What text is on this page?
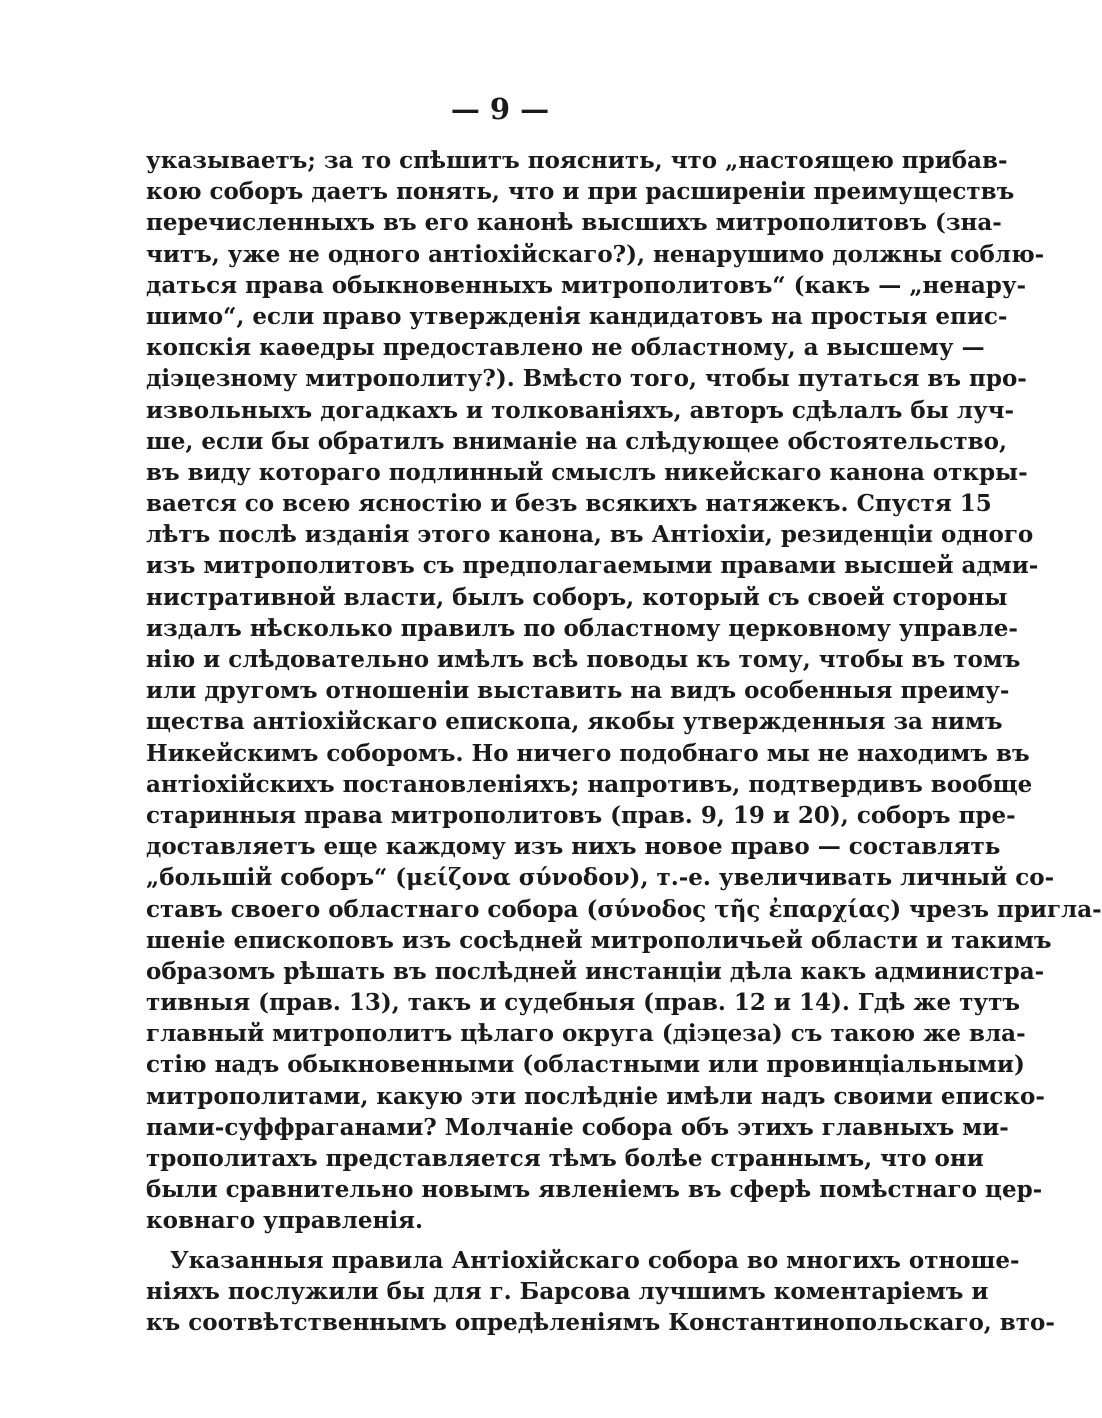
— 9 —
указываетъ; за то спѣшитъ пояснить, что „настоящею прибав-
кою соборъ даетъ понять, что и при расширеніи преимуществъ
перечисленныхъ въ его канонѣ высшихъ митрополитовъ (зна-
читъ, уже не одного антіохійскаго?), ненарушимо должны соблю-
даться права обыкновенныхъ митрополитовъ“ (какъ — „ненару-
шимо“, если право утвержденія кандидатовъ на простыя епис-
копскія каѳедры предоставлено не областному, а высшему —
діэцезному митрополиту?). Вмѣсто того, чтобы путаться въ про-
извольныхъ догадкахъ и толкованіяхъ, авторъ сдѣлалъ бы луч-
ше, если бы обратилъ вниманіе на слѣдующее обстоятельство,
въ виду котораго подлинный смыслъ никейскаго канона откры-
вается со всею ясностію и безъ всякихъ натяжекъ. Спустя 15
лѣтъ послѣ изданія этого канона, въ Антіохіи, резиденціи одного
изъ митрополитовъ съ предполагаемыми правами высшей адми-
нистративной власти, былъ соборъ, который съ своей стороны
издалъ нѣсколько правилъ по областному церковному управле-
нію и слѣдовательно имѣлъ всѣ поводы къ тому, чтобы въ томъ
или другомъ отношеніи выставить на видъ особенныя преиму-
щества антіохійскаго епископа, якобы утвержденныя за нимъ
Никейскимъ соборомъ. Но ничего подобнаго мы не находимъ въ
антіохійскихъ постановленіяхъ; напротивъ, подтвердивъ вообще
старинныя права митрополитовъ (прав. 9, 19 и 20), соборъ пре-
доставляетъ еще каждому изъ нихъ новое право — составлять
„большій соборъ“ (μείζονα σύνοδον), т.-е. увеличивать личный со-
ставъ своего областнаго собора (σύνοδος τῆς ἐπαρχίας) чрезъ пригла-
шеніе епископовъ изъ сосѣдней митрополичьей области и такимъ
образомъ рѣшать въ послѣдней инстанціи дѣла какъ администра-
тивныя (прав. 13), такъ и судебныя (прав. 12 и 14). Гдѣ же тутъ
главный митрополитъ цѣлаго округа (діэцеза) съ такою же вла-
стію надъ обыкновенными (областными или провинціальными)
митрополитами, какую эти послѣдніе имѣли надъ своими еписко-
пами-суффраганами? Молчаніе собора объ этихъ главныхъ ми-
трополитахъ представляется тѣмъ болѣе страннымъ, что они
были сравнительно новымъ явленіемъ въ сферѣ помѣстнаго цер-
ковнаго управленія.
Указанныя правила Антіохійскаго собора во многихъ отноше-
ніяхъ послужили бы для г. Барсова лучшимъ коментаріемъ и
къ соотвѣтственнымъ опредѣленіямъ Константинопольскаго, вто-
